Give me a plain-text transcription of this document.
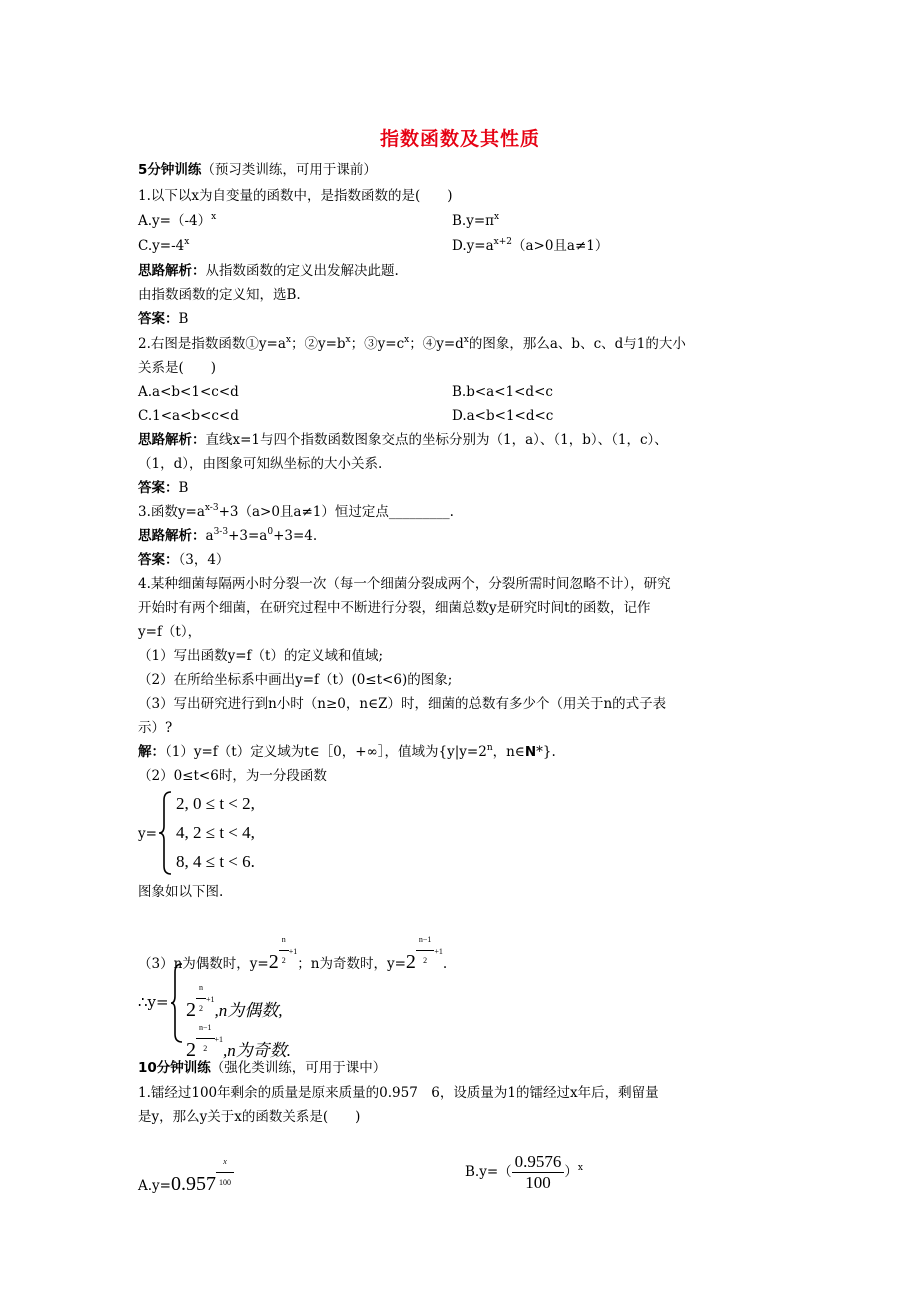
指数函数及其性质
5分钟训练（预习类训练，可用于课前）
1.以下以x为自变量的函数中，是指数函数的是(　　)
$A.y=(-4)^x$	$B.y=\pi^x$
$C.y=-4^x$	$D.y=a^{x+2}(a>0$且a≠1）
思路解析：从指数函数的定义出发解决此题.
由指数函数的定义知，选B.
答案：B
2.右图是指数函数$①y=a^x$；$②y=b^x$；$③y=c^x$；$④y=d^x$的图象，那么a、b、c、d与1的大小
关系是(　　)
A.a<b<1<c<d	B.b<a<1<d<c
C.1<a<b<c<d	D.a<b<1<d<c
思路解析：直线x=1与四个指数函数图象交点的坐标分别为（1，a）、（1，b）、（1，c）、
（1，d），由图象可知纵坐标的大小关系.
答案：B
3.函数$y=a^{x-3}+3(a>0$且a≠1）恒过定点_________.
思路解析：$a^{3-3}+3=a^0+3=4$.
答案：（3，4）
4.某种细菌每隔两小时分裂一次（每一个细菌分裂成两个，分裂所需时间忽略不计），研究
开始时有两个细菌，在研究过程中不断进行分裂，细菌总数y是研究时间t的函数，记作
y=f（t），
（1）写出函数y=f（t）的定义域和值域;
（2）在所给坐标系中画出y=f（t）(0≤t<6)的图象;
（3）写出研究进行到n小时（n≥0，n∈Z）时，细菌的总数有多少个（用关于n的式子表
示）?
解：（1）y=f（t）定义域为t∈［0，+∞］，值域为{$y|y=2^n$，n∈N*}.
（2）0≤t<6时，为一分段函数
y=
2, 0 ≤ t < 2,
4, 2 ≤ t < 4,
8, 4 ≤ t < 6.
图象如以下图.
（3）n为偶数时，$y=2 \frac{n}{2} +1$；n为奇数时，$y=2 \frac{n-1}{2} +1$.
∴y= $2 \frac{n}{2} +1,n$为偶数,
$2 \frac{n-1}{2} +1,n$为奇数.
10分钟训练（强化类训练，可用于课中）
1.镭经过100年剩余的质量是原来质量的0.957　6，设质量为1的镭经过x年后，剩留量
是y，那么y关于x的函数关系是(　　)
$A.y=0.957 \frac{x}{100}$	$B.y=( \frac{0.9576}{100} )^x$
